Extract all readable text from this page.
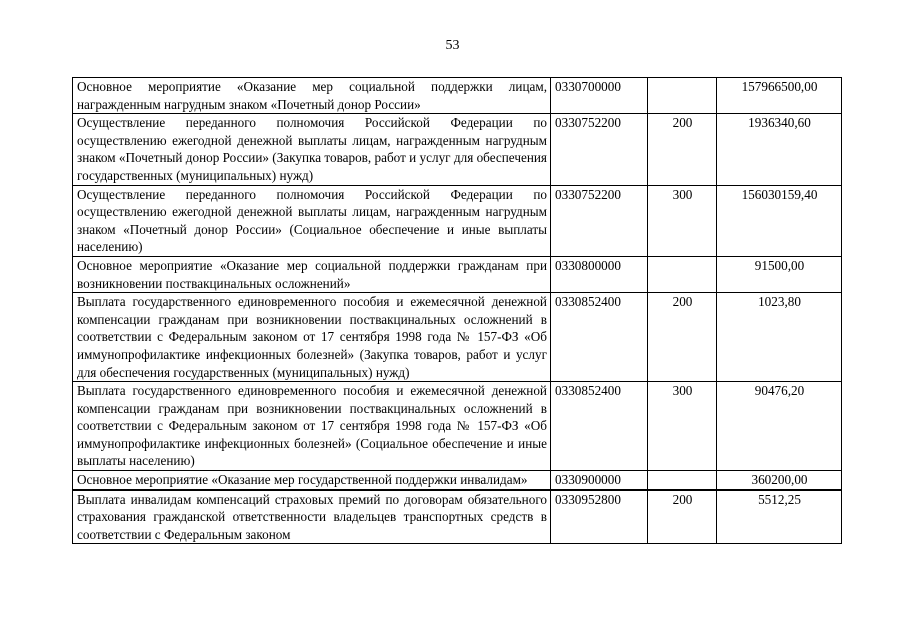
53
Основное мероприятие «Оказание мер социальной поддержки лицам, награжденным нагрудным знаком «Почетный донор России»	0330700000		157966500,00
Осуществление переданного полномочия Российской Федерации по осуществлению ежегодной денежной выплаты лицам, награжденным нагрудным знаком «Почетный донор России» (Закупка товаров, работ и услуг для обеспечения государственных (муниципальных) нужд)	0330752200	200	1936340,60
Осуществление переданного полномочия Российской Федерации по осуществлению ежегодной денежной выплаты лицам, награжденным нагрудным знаком «Почетный донор России» (Социальное обеспечение и иные выплаты населению)	0330752200	300	156030159,40
Основное мероприятие «Оказание мер социальной поддержки гражданам при возникновении поствакцинальных осложнений»	0330800000		91500,00
Выплата государственного единовременного пособия и ежемесячной денежной компенсации гражданам при возникновении поствакцинальных осложнений в соответствии с Федеральным законом от 17 сентября 1998 года № 157-ФЗ «Об иммунопрофилактике инфекционных болезней» (Закупка товаров, работ и услуг для обеспечения государственных (муниципальных) нужд)	0330852400	200	1023,80
Выплата государственного единовременного пособия и ежемесячной денежной компенсации гражданам при возникновении поствакцинальных осложнений в соответствии с Федеральным законом от 17 сентября 1998 года № 157-ФЗ «Об иммунопрофилактике инфекционных болезней» (Социальное обеспечение и иные выплаты населению)	0330852400	300	90476,20
Основное мероприятие «Оказание мер государственной поддержки инвалидам»	0330900000		360200,00
Выплата инвалидам компенсаций страховых премий по договорам обязательного страхования гражданской ответственности владельцев транспортных средств в соответствии с Федеральным законом	0330952800	200	5512,25
